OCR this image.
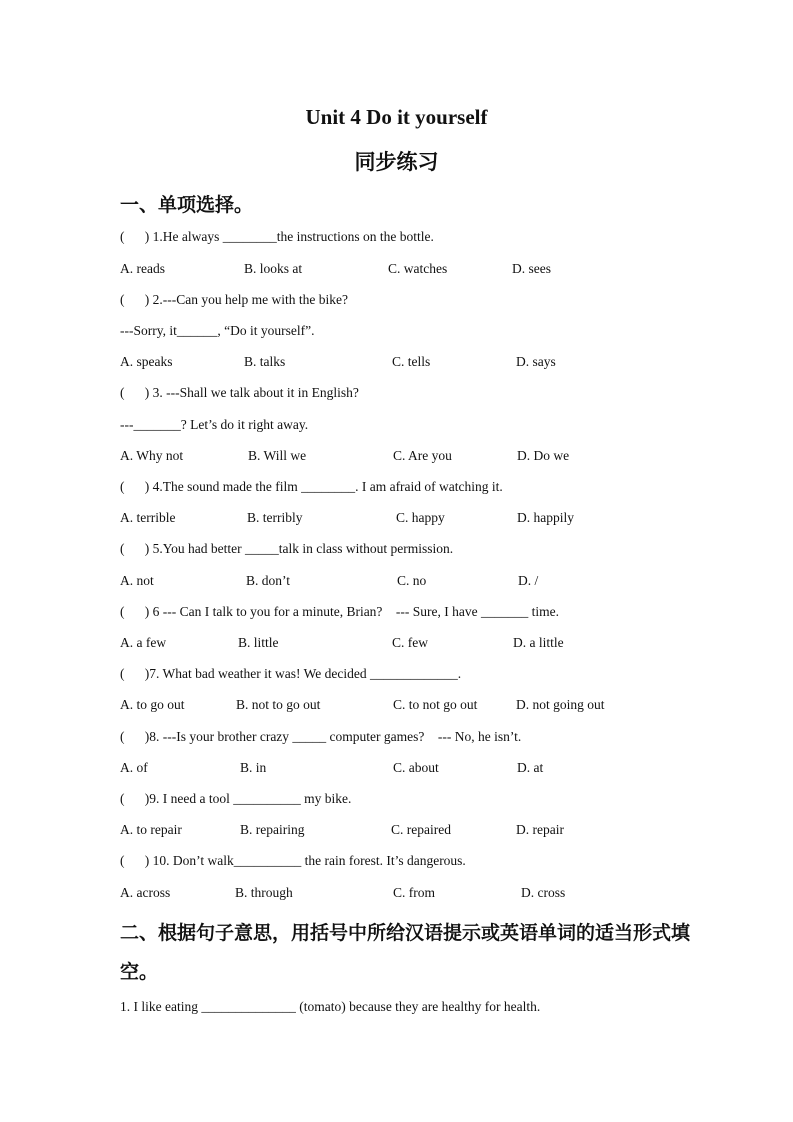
Unit 4 Do it yourself
同步练习
一、单项选择。
(      ) 1.He always ________the instructions on the bottle.
A. reads	B. looks at	C. watches	D. sees
(      ) 2.---Can you help me with the bike?
---Sorry, it______, “Do it yourself”.
A. speaks	B. talks	C. tells	D. says
(      ) 3. ---Shall we talk about it in English?
---_______? Let’s do it right away.
A. Why not	B. Will we	C. Are you	D. Do we
(      ) 4.The sound made the film ________. I am afraid of watching it.
A. terrible	B. terribly	C. happy	D. happily
(      ) 5.You had better _____talk in class without permission.
A. not	B. don’t	C. no	D. /
(      ) 6 --- Can I talk to you for a minute, Brian?    --- Sure, I have _______ time.
A. a few	B. little	C. few	D. a little
(      )7. What bad weather it was! We decided _____________.
A. to go out	B. not to go out	C. to not go out	D. not going out
(      )8. ---Is your brother crazy _____ computer games?    --- No, he isn’t.
A. of	B. in	C. about	D. at
(      )9. I need a tool __________ my bike.
A. to repair	B. repairing	C. repaired	D. repair
(      ) 10. Don’t walk__________ the rain forest. It’s dangerous.
A. across	B. through	C. from	D. cross
二、根据句子意思，用括号中所给汉语提示或英语单词的适当形式填
空。
1. I like eating ______________ (tomato) because they are healthy for health.
